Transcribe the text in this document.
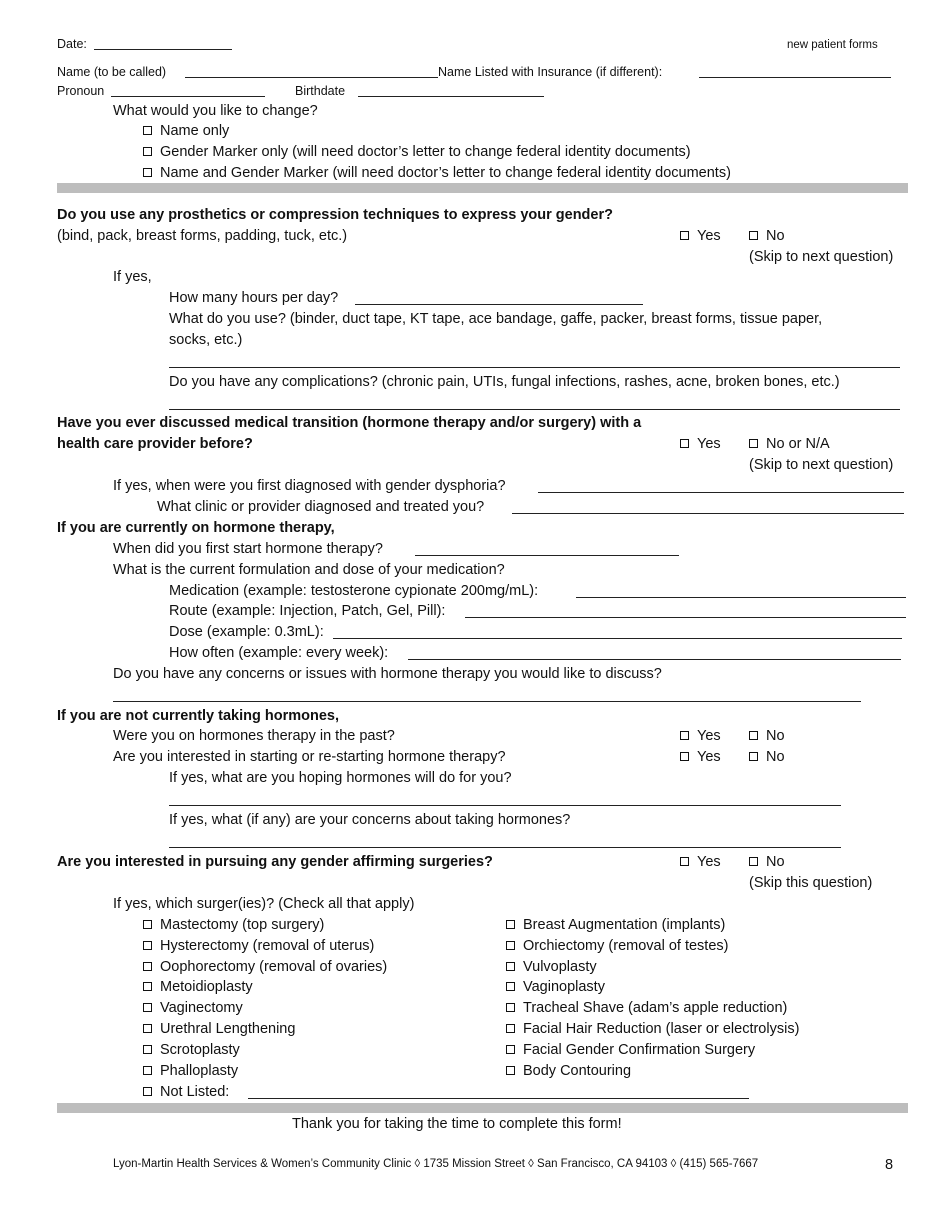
Date:	new patient forms
Name (to be called)	Name Listed with Insurance (if different):
Pronoun	Birthdate
What would you like to change?
Name only
Gender Marker only (will need doctor’s letter to change federal identity documents)
Name and Gender Marker (will need doctor’s letter to change federal identity documents)
Do you use any prosthetics or compression techniques to express your gender?
(bind, pack, breast forms, padding, tuck, etc.)	Yes	No
(Skip to next question)
If yes,
How many hours per day?
What do you use? (binder, duct tape, KT tape, ace bandage, gaffe, packer, breast forms, tissue paper,
socks, etc.)
Do you have any complications? (chronic pain, UTIs, fungal infections, rashes, acne, broken bones, etc.)
Have you ever discussed medical transition (hormone therapy and/or surgery) with a
health care provider before?	Yes	No or N/A
(Skip to next question)
If yes, when were you first diagnosed with gender dysphoria?
What clinic or provider diagnosed and treated you?
If you are currently on hormone therapy,
When did you first start hormone therapy?
What is the current formulation and dose of your medication?
Medication (example: testosterone cypionate 200mg/mL):
Route (example: Injection, Patch, Gel, Pill):
Dose (example: 0.3mL):
How often (example: every week):
Do you have any concerns or issues with hormone therapy you would like to discuss?
If you are not currently taking hormones,
Were you on hormones therapy in the past?	Yes	No
Are you interested in starting or re-starting hormone therapy?	Yes	No
If yes, what are you hoping hormones will do for you?
If yes, what (if any) are your concerns about taking hormones?
Are you interested in pursuing any gender affirming surgeries?	Yes	No
(Skip this question)
If yes, which surger(ies)? (Check all that apply)
Mastectomy (top surgery)
Hysterectomy (removal of uterus)
Oophorectomy (removal of ovaries)
Metoidioplasty
Vaginectomy
Urethral Lengthening
Scrotoplasty
Phalloplasty
Breast Augmentation (implants)
Orchiectomy (removal of testes)
Vulvoplasty
Vaginoplasty
Tracheal Shave (adam’s apple reduction)
Facial Hair Reduction (laser or electrolysis)
Facial Gender Confirmation Surgery
Body Contouring
Not Listed:
Thank you for taking the time to complete this form!
Lyon-Martin Health Services & Women’s Community Clinic ◊ 1735 Mission Street ◊ San Francisco, CA 94103 ◊ (415) 565-7667	8
